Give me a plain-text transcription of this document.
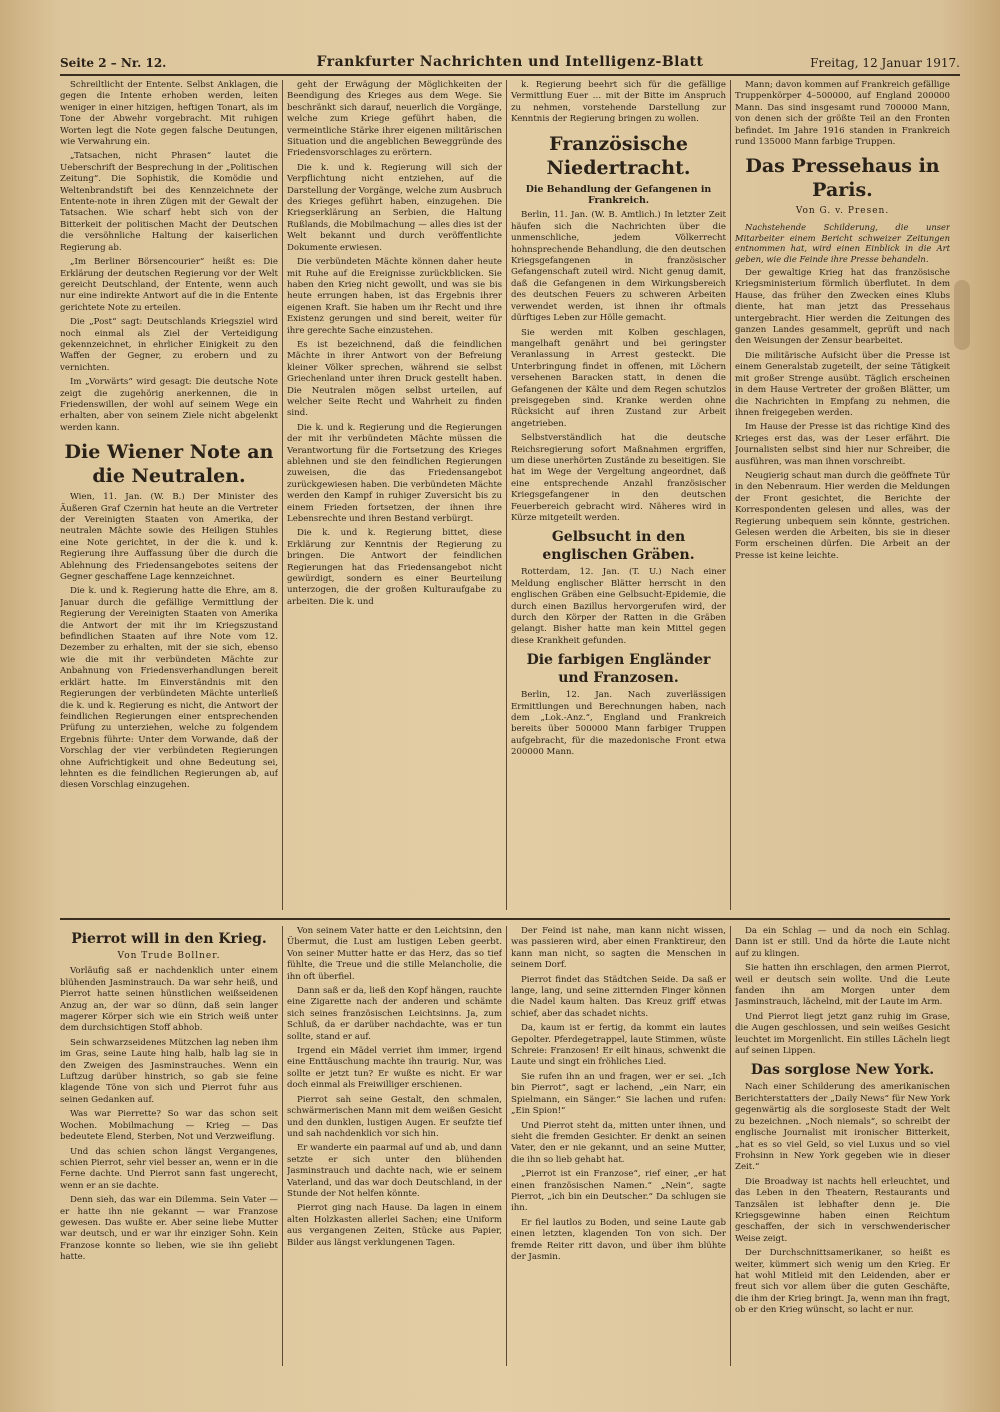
Seite 2 – Nr. 12.	Frankfurter Nachrichten und Intelligenz-Blatt	Freitag, 12 Januar 1917.

Schreiltlicht der Entente. Selbst Anklagen, die gegen die Intente erhoben werden, leiten weniger in einer hitzigen, heftigen Tonart, als im Tone der Abwehr vorgebracht. Mit ruhigen Worten legt die Note gegen falsche Deutungen, wie Verwahrung ein.

„Tatsachen, nicht Phrasen“ lautet die Ueberschrift der Besprechung in der „Politischen Zeitung“. Die Sophistik, die Komödie und Weltenbrandstift bei des Kennzeichnete der Entente-note in ihren Zügen mit der Gewalt der Tatsachen. Wie scharf hebt sich von der Bitterkeit der politischen Macht der Deutschen die versöhnliche Haltung der kaiserlichen Regierung ab.

„Im Berliner Börsencourier“ heißt es: Die Erklärung der deutschen Regierung vor der Welt gereicht Deutschland, der Entente, wenn auch nur eine indirekte Antwort auf die in die Entente gerichtete Note zu erteilen.

Die „Post“ sagt: Deutschlands Kriegsziel wird noch einmal als Ziel der Verteidigung gekennzeichnet, in ehrlicher Einigkeit zu den Waffen der Gegner, zu erobern und zu vernichten.

Im „Vorwärts“ wird gesagt: Die deutsche Note zeigt die zugehörig anerkennen, die in Friedenswillen, der wohl auf seinem Wege ein erhalten, aber von seinem Ziele nicht abgelenkt werden kann.

Die Wiener Note an die Neutralen.

Wien, 11. Jan. (W. B.) Der Minister des Äußeren Graf Czernin hat heute an die Vertreter der Vereinigten Staaten von Amerika, der neutralen Mächte sowie des Heiligen Stuhles eine Note gerichtet, in der die k. und k. Regierung ihre Auffassung über die durch die Ablehnung des Friedensangebotes seitens der Gegner geschaffene Lage kennzeichnet.

Die k. und k. Regierung hatte die Ehre, am 8. Januar durch die gefällige Vermittlung der Regierung der Vereinigten Staaten von Amerika die Antwort der mit ihr im Kriegszustand befindlichen Staaten auf ihre Note vom 12. Dezember zu erhalten, mit der sie sich, ebenso wie die mit ihr verbündeten Mächte zur Anbahnung von Friedensverhandlungen bereit erklärt hatte. Im Einverständnis mit den Regierungen der verbündeten Mächte unterließ die k. und k. Regierung es nicht, die Antwort der feindlichen Regierungen einer entsprechenden Prüfung zu unterziehen, welche zu folgendem Ergebnis führte: Unter dem Vorwande, daß der Vorschlag der vier verbündeten Regierungen ohne Aufrichtigkeit und ohne Bedeutung sei, lehnten es die feindlichen Regierungen ab, auf diesen Vorschlag einzugehen.

geht der Erwägung der Möglichkeiten der Beendigung des Krieges aus dem Wege. Sie beschränkt sich darauf, neuerlich die Vorgänge, welche zum Kriege geführt haben, die vermeintliche Stärke ihrer eigenen militärischen Situation und die angeblichen Beweggründe des Friedensvorschlages zu erörtern.

Die k. und k. Regierung will sich der Verpflichtung nicht entziehen, auf die Darstellung der Vorgänge, welche zum Ausbruch des Krieges geführt haben, einzugehen. Die Kriegserklärung an Serbien, die Haltung Rußlands, die Mobilmachung — alles dies ist der Welt bekannt und durch veröffentlichte Dokumente erwiesen.

Die verbündeten Mächte können daher heute mit Ruhe auf die Ereignisse zurückblicken. Sie haben den Krieg nicht gewollt, und was sie bis heute errungen haben, ist das Ergebnis ihrer eigenen Kraft. Sie haben um ihr Recht und ihre Existenz gerungen und sind bereit, weiter für ihre gerechte Sache einzustehen.

Es ist bezeichnend, daß die feindlichen Mächte in ihrer Antwort von der Befreiung kleiner Völker sprechen, während sie selbst Griechenland unter ihren Druck gestellt haben. Die Neutralen mögen selbst urteilen, auf welcher Seite Recht und Wahrheit zu finden sind.

Die k. und k. Regierung und die Regierungen der mit ihr verbündeten Mächte müssen die Verantwortung für die Fortsetzung des Krieges ablehnen und sie den feindlichen Regierungen zuweisen, die das Friedensangebot zurückgewiesen haben. Die verbündeten Mächte werden den Kampf in ruhiger Zuversicht bis zu einem Frieden fortsetzen, der ihnen ihre Lebensrechte und ihren Bestand verbürgt.

Die k. und k. Regierung bittet, diese Erklärung zur Kenntnis der Regierung zu bringen. Die Antwort der feindlichen Regierungen hat das Friedensangebot nicht gewürdigt, sondern es einer Beurteilung unterzogen, die der großen Kulturaufgabe zu arbeiten. Die k. und

k. Regierung beehrt sich für die gefällige Vermittlung Euer … mit der Bitte im Anspruch zu nehmen, vorstehende Darstellung zur Kenntnis der Regierung bringen zu wollen.

Französische Niedertracht.
Die Behandlung der Gefangenen in Frankreich.

Berlin, 11. Jan. (W. B. Amtlich.) In letzter Zeit häufen sich die Nachrichten über die unmenschliche, jedem Völkerrecht hohnsprechende Behandlung, die den deutschen Kriegsgefangenen in französischer Gefangenschaft zuteil wird. Nicht genug damit, daß die Gefangenen in dem Wirkungsbereich des deutschen Feuers zu schweren Arbeiten verwendet werden, ist ihnen ihr oftmals dürftiges Leben zur Hölle gemacht.

Sie werden mit Kolben geschlagen, mangelhaft genährt und bei geringster Veranlassung in Arrest gesteckt. Die Unterbringung findet in offenen, mit Löchern versehenen Baracken statt, in denen die Gefangenen der Kälte und dem Regen schutzlos preisgegeben sind. Kranke werden ohne Rücksicht auf ihren Zustand zur Arbeit angetrieben.

Selbstverständlich hat die deutsche Reichsregierung sofort Maßnahmen ergriffen, um diese unerhörten Zustände zu beseitigen. Sie hat im Wege der Vergeltung angeordnet, daß eine entsprechende Anzahl französischer Kriegsgefangener in den deutschen Feuerbereich gebracht wird. Näheres wird in Kürze mitgeteilt werden.

Gelbsucht in den englischen Gräben.

Rotterdam, 12. Jan. (T. U.) Nach einer Meldung englischer Blätter herrscht in den englischen Gräben eine Gelbsucht-Epidemie, die durch einen Bazillus hervorgerufen wird, der durch den Körper der Ratten in die Gräben gelangt. Bisher hatte man kein Mittel gegen diese Krankheit gefunden.

Die farbigen Engländer und Franzosen.

Berlin, 12. Jan. Nach zuverlässigen Ermittlungen und Berechnungen haben, nach dem „Lok.-Anz.“, England und Frankreich bereits über 500000 Mann farbiger Truppen aufgebracht, für die mazedonische Front etwa 200000 Mann.

Mann; davon kommen auf Frankreich gefällige Truppenkörper 4–500000, auf England 200000 Mann. Das sind insgesamt rund 700000 Mann, von denen sich der größte Teil an den Fronten befindet. Im Jahre 1916 standen in Frankreich rund 135000 Mann farbige Truppen.

Das Pressehaus in Paris.
Von G. v. Presen.

Nachstehende Schilderung, die unser Mitarbeiter einem Bericht schweizer Zeitungen entnommen hat, wird einen Einblick in die Art geben, wie die Feinde ihre Presse behandeln.

Der gewaltige Krieg hat das französische Kriegsministerium förmlich überflutet. In dem Hause, das früher den Zwecken eines Klubs diente, hat man jetzt das Pressehaus untergebracht. Hier werden die Zeitungen des ganzen Landes gesammelt, geprüft und nach den Weisungen der Zensur bearbeitet.

Die militärische Aufsicht über die Presse ist einem Generalstab zugeteilt, der seine Tätigkeit mit großer Strenge ausübt. Täglich erscheinen in dem Hause Vertreter der großen Blätter, um die Nachrichten in Empfang zu nehmen, die ihnen freigegeben werden.

Im Hause der Presse ist das richtige Kind des Krieges erst das, was der Leser erfährt. Die Journalisten selbst sind hier nur Schreiber, die ausführen, was man ihnen vorschreibt.

Neugierig schaut man durch die geöffnete Tür in den Nebenraum. Hier werden die Meldungen der Front gesichtet, die Berichte der Korrespondenten gelesen und alles, was der Regierung unbequem sein könnte, gestrichen. Gelesen werden die Arbeiten, bis sie in dieser Form erscheinen dürfen. Die Arbeit an der Presse ist keine leichte.

Pierrot will in den Krieg.
Von Trude Bollner.

Vorläufig saß er nachdenklich unter einem blühenden Jasminstrauch. Da war sehr heiß, und Pierrot hatte seinen hünstlichen weißseidenen Anzug an, der war so dünn, daß sein langer magerer Körper sich wie ein Strich weiß unter dem durchsichtigen Stoff abhob.

Sein schwarzseidenes Mützchen lag neben ihm im Gras, seine Laute hing halb, halb lag sie in den Zweigen des Jasminstrauches. Wenn ein Luftzug darüber hinstrich, so gab sie feine klagende Töne von sich und Pierrot fuhr aus seinen Gedanken auf.

Was war Pierrette? So war das schon seit Wochen. Mobilmachung — Krieg — Das bedeutete Elend, Sterben, Not und Verzweiflung.

Und das schien schon längst Vergangenes, schien Pierrot, sehr viel besser an, wenn er in die Ferne dachte. Und Pierrot sann fast ungerecht, wenn er an sie dachte.

Denn sieh, das war ein Dilemma. Sein Vater — er hatte ihn nie gekannt — war Franzose gewesen. Das wußte er. Aber seine liebe Mutter war deutsch, und er war ihr einziger Sohn. Kein Franzose konnte so lieben, wie sie ihn geliebt hatte.

Von seinem Vater hatte er den Leichtsinn, den Übermut, die Lust am lustigen Leben geerbt. Von seiner Mutter hatte er das Herz, das so tief fühlte, die Treue und die stille Melancholie, die ihn oft überfiel.

Dann saß er da, ließ den Kopf hängen, rauchte eine Zigarette nach der anderen und schämte sich seines französischen Leichtsinns. Ja, zum Schluß, da er darüber nachdachte, was er tun sollte, stand er auf.

Irgend ein Mädel verriet ihm immer, irgend eine Enttäuschung machte ihn traurig. Nur, was sollte er jetzt tun? Er wußte es nicht. Er war doch einmal als Freiwilliger erschienen.

Pierrot sah seine Gestalt, den schmalen, schwärmerischen Mann mit dem weißen Gesicht und den dunklen, lustigen Augen. Er seufzte tief und sah nachdenklich vor sich hin.

Er wanderte ein paarmal auf und ab, und dann setzte er sich unter den blühenden Jasminstrauch und dachte nach, wie er seinem Vaterland, und das war doch Deutschland, in der Stunde der Not helfen könnte.

Pierrot ging nach Hause. Da lagen in einem alten Holzkasten allerlei Sachen; eine Uniform aus vergangenen Zeiten, Stücke aus Papier, Bilder aus längst verklungenen Tagen.

Der Feind ist nahe, man kann nicht wissen, was passieren wird, aber einen Franktireur, den kann man nicht, so sagten die Menschen in seinem Dorf.

Pierrot findet das Städtchen Seide. Da saß er lange, lang, und seine zitternden Finger können die Nadel kaum halten. Das Kreuz griff etwas schief, aber das schadet nichts.

Da, kaum ist er fertig, da kommt ein lautes Gepolter. Pferdegetrappel, laute Stimmen, wüste Schreie: Franzosen! Er eilt hinaus, schwenkt die Laute und singt ein fröhliches Lied.

Sie rufen ihn an und fragen, wer er sei. „Ich bin Pierrot“, sagt er lachend, „ein Narr, ein Spielmann, ein Sänger.“ Sie lachen und rufen: „Ein Spion!“

Und Pierrot steht da, mitten unter ihnen, und sieht die fremden Gesichter. Er denkt an seinen Vater, den er nie gekannt, und an seine Mutter, die ihn so lieb gehabt hat.

„Pierrot ist ein Franzose“, rief einer, „er hat einen französischen Namen.“ „Nein“, sagte Pierrot, „ich bin ein Deutscher.“ Da schlugen sie ihn.

Er fiel lautlos zu Boden, und seine Laute gab einen letzten, klagenden Ton von sich. Der fremde Reiter ritt davon, und über ihm blühte der Jasmin.

Da ein Schlag — und da noch ein Schlag. Dann ist er still. Und da hörte die Laute nicht auf zu klingen.

Sie hatten ihn erschlagen, den armen Pierrot, weil er deutsch sein wollte. Und die Leute fanden ihn am Morgen unter dem Jasminstrauch, lächelnd, mit der Laute im Arm.

Und Pierrot liegt jetzt ganz ruhig im Grase, die Augen geschlossen, und sein weißes Gesicht leuchtet im Morgenlicht. Ein stilles Lächeln liegt auf seinen Lippen.

Das sorglose New York.

Nach einer Schilderung des amerikanischen Berichterstatters der „Daily News“ für New York gegenwärtig als die sorgloseste Stadt der Welt zu bezeichnen. „Noch niemals“, so schreibt der englische Journalist mit ironischer Bitterkeit, „hat es so viel Geld, so viel Luxus und so viel Frohsinn in New York gegeben wie in dieser Zeit.“

Die Broadway ist nachts hell erleuchtet, und das Leben in den Theatern, Restaurants und Tanzsälen ist lebhafter denn je. Die Kriegsgewinne haben einen Reichtum geschaffen, der sich in verschwenderischer Weise zeigt.

Der Durchschnittsamerikaner, so heißt es weiter, kümmert sich wenig um den Krieg. Er hat wohl Mitleid mit den Leidenden, aber er freut sich vor allem über die guten Geschäfte, die ihm der Krieg bringt. Ja, wenn man ihn fragt, ob er den Krieg wünscht, so lacht er nur.
